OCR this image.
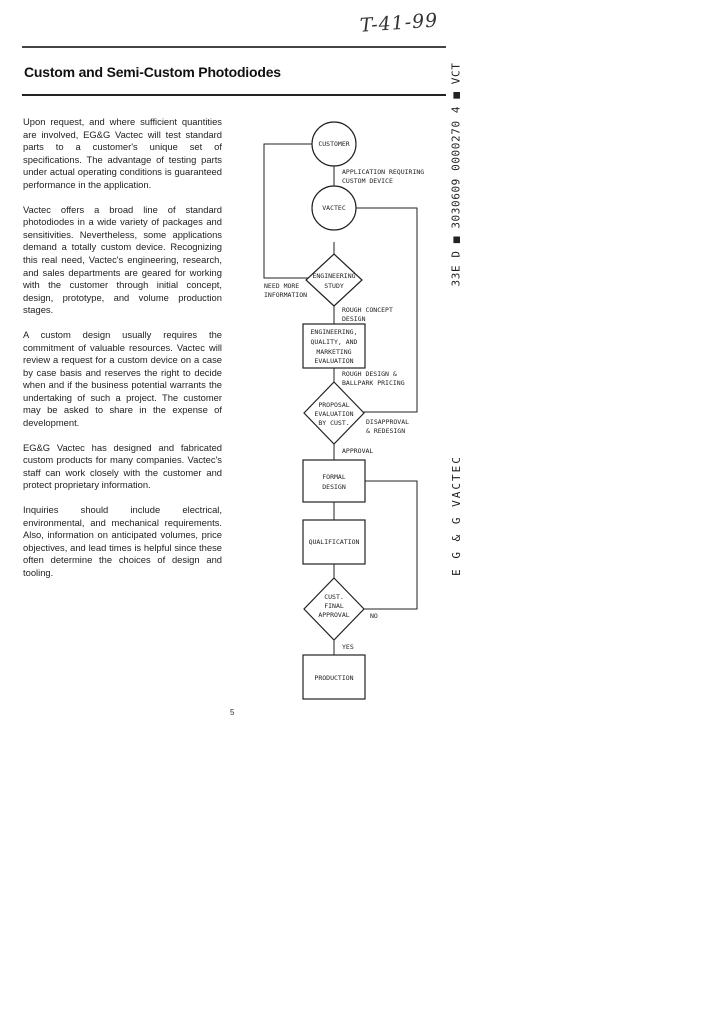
T-41-99
Custom and Semi-Custom Photodiodes

Upon request, and where sufficient quantities are involved, EG&G Vactec will test standard parts to a customer's unique set of specifications. The advantage of testing parts under actual operating conditions is guaranteed performance in the application.

Vactec offers a broad line of standard photodiodes in a wide variety of packages and sensitivities. Nevertheless, some applications demand a totally custom device. Recognizing this real need, Vactec's engineering, research, and sales departments are geared for working with the customer through initial concept, design, prototype, and volume production stages.

A custom design usually requires the commitment of valuable resources. Vactec will review a request for a custom device on a case by case basis and reserves the right to decide when and if the business potential warrants the undertaking of such a project. The customer may be asked to share in the expense of development.

EG&G Vactec has designed and fabricated custom products for many companies. Vactec's staff can work closely with the customer and protect proprietary information.

Inquiries should include electrical, environmental, and mechanical requirements. Also, information on anticipated volumes, price objectives, and lead times is helpful since these often determine the choices of design and tooling.

5
33E D ■ 3030609 0000270 4 ■ VCT
E G & G VACTEC
CUSTOMER
VACTEC
ENGINEERING
STUDY
ENGINEERING,
QUALITY, AND
MARKETING
EVALUATION
PROPOSAL
EVALUATION
BY CUST.
FORMAL
DESIGN
QUALIFICATION
CUST.
FINAL
APPROVAL
PRODUCTION
APPLICATION REQUIRING
CUSTOM DEVICE
NEED MORE
INFORMATION
ROUGH CONCEPT
DESIGN
ROUGH DESIGN &
BALLPARK PRICING
DISAPPROVAL
& REDESIGN
APPROVAL
NO
YES
